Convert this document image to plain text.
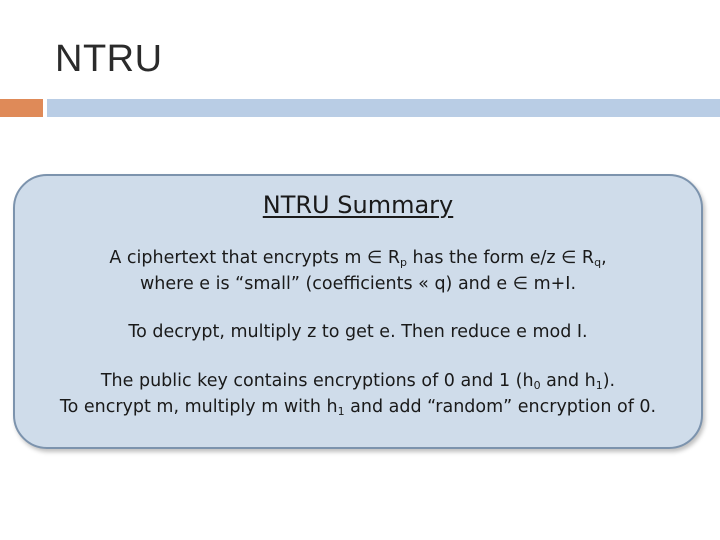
NTRU
NTRU Summary
A ciphertext that encrypts m ∈ $R_p$ has the form e/z ∈ $R_q$,
where e is “small” (coefficients « q) and e ∈ m+I.
To decrypt, multiply z to get e. Then reduce e mod I.
The public key contains encryptions of 0 and 1 ($h_0$ and $h_1$).
To encrypt m, multiply m with $h_1$ and add “random” encryption of 0.
